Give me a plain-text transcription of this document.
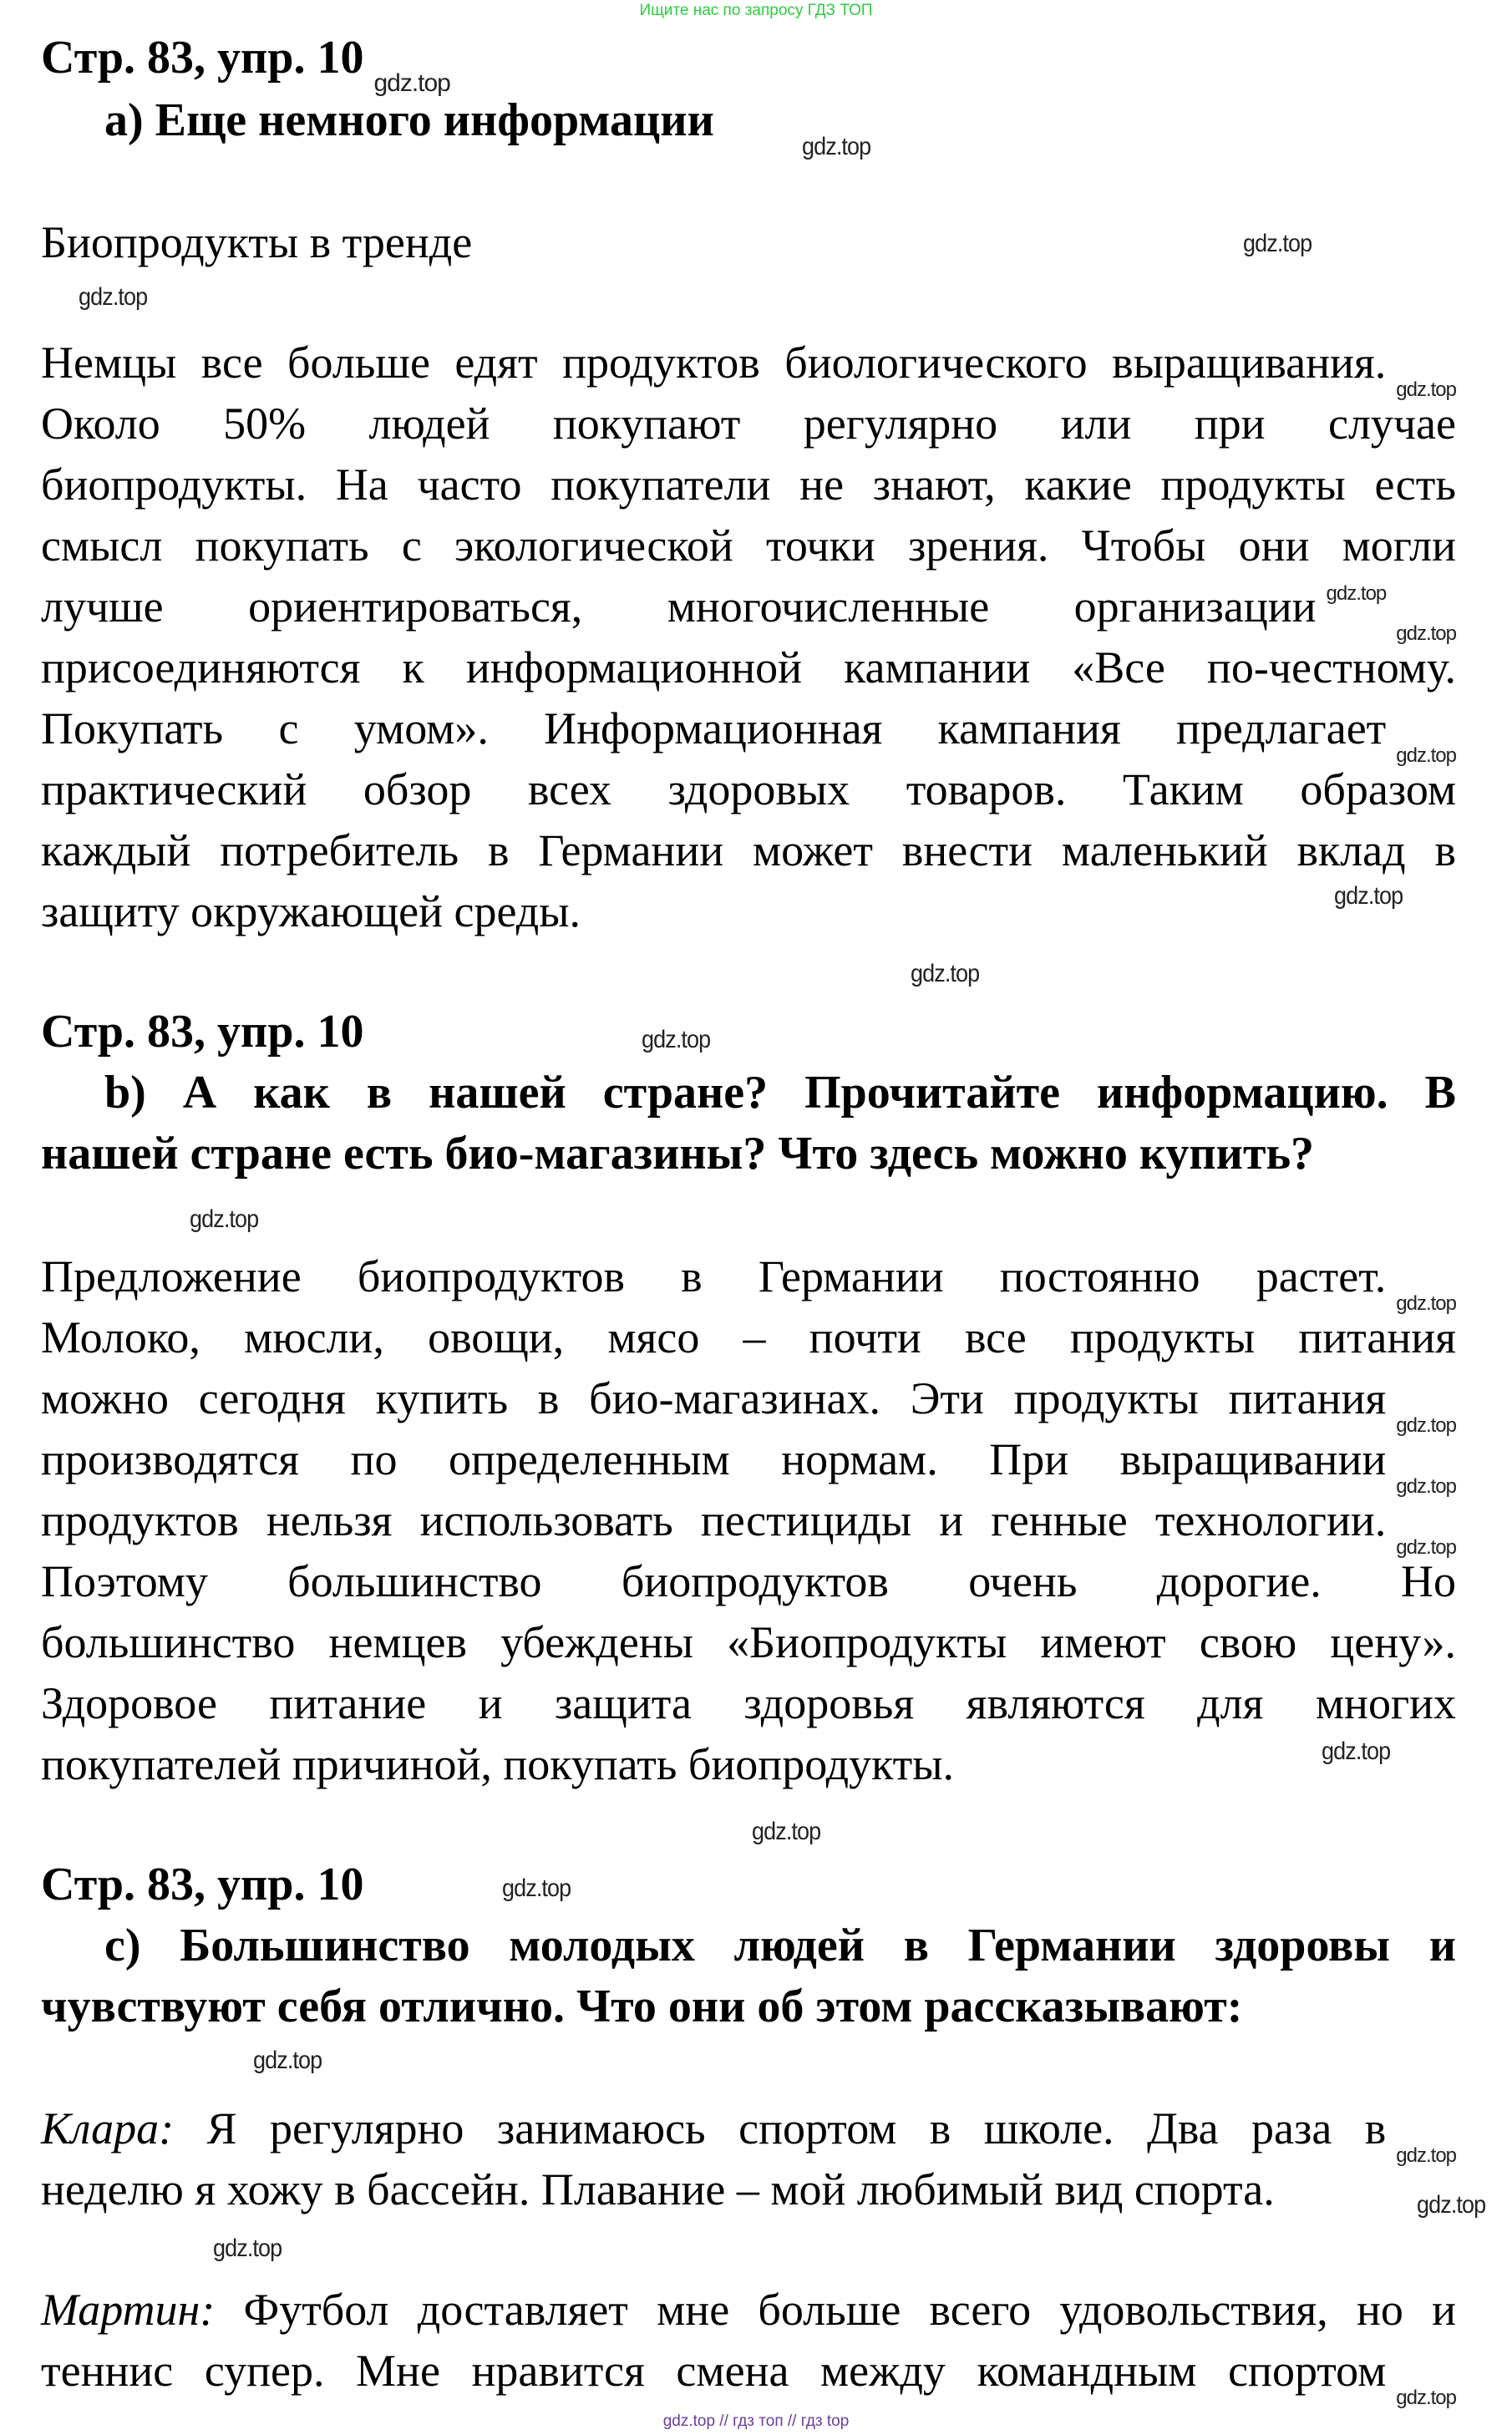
Ищите нас по запросу ГДЗ ТОП
Стр. 83, упр. 10 $_{gdz.top}$
a) Еще немного информации
Биопродукты в тренде
Немцы все больше едят продуктов биологического $выращивания._{gdz.top}$
Около 50% людей покупают регулярно или при случае
биопродукты. На часто покупатели не знают, какие продукты есть
смысл покупать с экологической точки зрения. Чтобы они могли
лучше ориентироваться, многочисленные организации $^{gdz.top}_{gdz.top}$
присоединяются к информационной кампании «Все по-честному.
Покупать с умом». Информационная кампания предлагает$_{gdz.top}$
практический обзор всех здоровых товаров. Таким образом
каждый потребитель в Германии может внести маленький вклад в
защиту окружающей среды.
Стр. 83, упр. 10
b) А как в нашей стране? Прочитайте информацию. В
нашей стране есть био-магазины? Что здесь можно купить?
Предложение биопродуктов в Германии постоянно $растет._{gdz.top}$
Молоко, мюсли, овощи, мясо – почти все продукты питания
можно сегодня купить в био-магазинах. Эти продукты питания$_{gdz.top}$
производятся по определенным нормам. При выращивании$_{gdz.top}$
продуктов нельзя использовать пестициды и генные $технологии._{gdz.top}$
Поэтому большинство биопродуктов очень дорогие. Но
большинство немцев убеждены «Биопродукты имеют свою цену».
Здоровое питание и защита здоровья являются для многих
покупателей причиной, покупать биопродукты.
Стр. 83, упр. 10
c) Большинство молодых людей в Германии здоровы и
чувствуют себя отлично. Что они об этом рассказывают:
Клара: Я регулярно занимаюсь спортом в школе. Два раза $в_{gdz.top}$
неделю я хожу в бассейн. Плавание – мой любимый вид спорта.
Мартин: Футбол доставляет мне больше всего удовольствия, но и
теннис супер. Мне нравится смена между командным спортом$_{gdz.top}$
gdz.top
gdz.top
gdz.top
gdz.top
gdz.top
gdz.top
gdz.top
gdz.top
gdz.top
gdz.top
gdz.top
gdz.top
gdz.top
gdz.top // гдз топ // гдз top
